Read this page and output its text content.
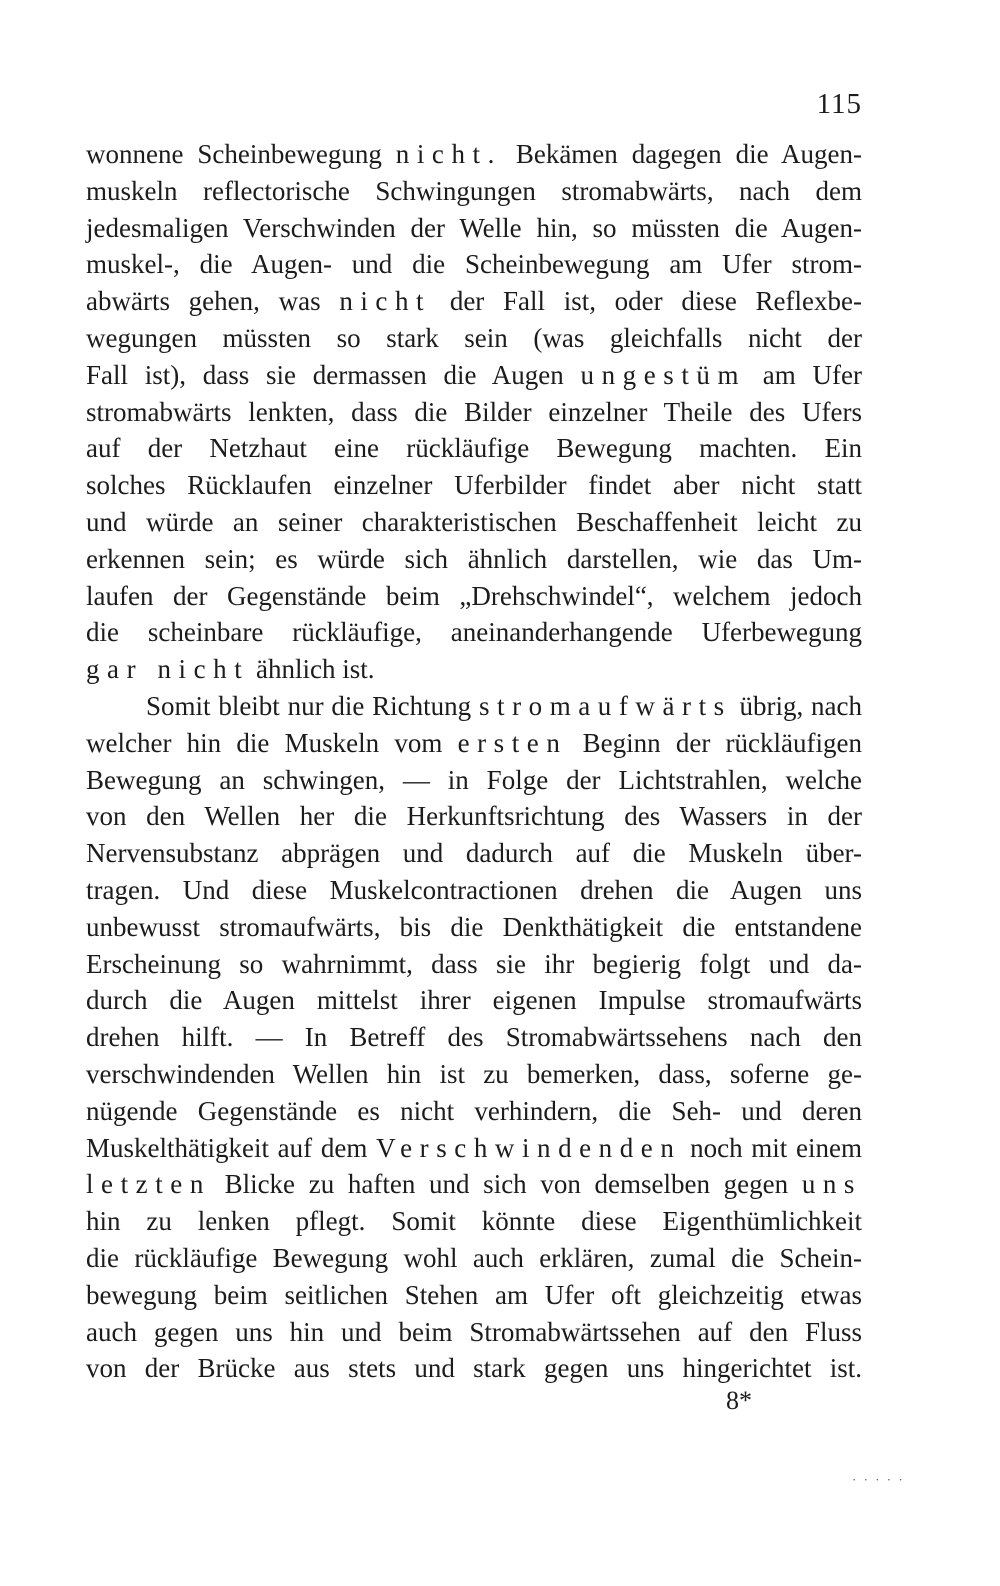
115
wonnene Scheinbewegung nicht. Bekämen dagegen die Augen-
muskeln reflectorische Schwingungen stromabwärts, nach dem
jedesmaligen Verschwinden der Welle hin, so müssten die Augen-
muskel-, die Augen- und die Scheinbewegung am Ufer strom-
abwärts gehen, was nicht der Fall ist, oder diese Reflexbe-
wegungen müssten so stark sein (was gleichfalls nicht der
Fall ist), dass sie dermassen die Augen ungestüm am Ufer
stromabwärts lenkten, dass die Bilder einzelner Theile des Ufers
auf der Netzhaut eine rückläufige Bewegung machten. Ein
solches Rücklaufen einzelner Uferbilder findet aber nicht statt
und würde an seiner charakteristischen Beschaffenheit leicht zu
erkennen sein; es würde sich ähnlich darstellen, wie das Um-
laufen der Gegenstände beim „Drehschwindel“, welchem jedoch
die scheinbare rückläufige, aneinanderhangende Uferbewegung
gar nicht ähnlich ist.
Somit bleibt nur die Richtung stromaufwärts übrig, nach
welcher hin die Muskeln vom ersten Beginn der rückläufigen
Bewegung an schwingen, — in Folge der Lichtstrahlen, welche
von den Wellen her die Herkunftsrichtung des Wassers in der
Nervensubstanz abprägen und dadurch auf die Muskeln über-
tragen. Und diese Muskelcontractionen drehen die Augen uns
unbewusst stromaufwärts, bis die Denkthätigkeit die entstandene
Erscheinung so wahrnimmt, dass sie ihr begierig folgt und da-
durch die Augen mittelst ihrer eigenen Impulse stromaufwärts
drehen hilft. — In Betreff des Stromabwärtssehens nach den
verschwindenden Wellen hin ist zu bemerken, dass, soferne ge-
nügende Gegenstände es nicht verhindern, die Seh- und deren
Muskelthätigkeit auf dem Verschwindenden noch mit einem
letzten Blicke zu haften und sich von demselben gegen uns
hin zu lenken pflegt. Somit könnte diese Eigenthümlichkeit
die rückläufige Bewegung wohl auch erklären, zumal die Schein-
bewegung beim seitlichen Stehen am Ufer oft gleichzeitig etwas
auch gegen uns hin und beim Stromabwärtssehen auf den Fluss
von der Brücke aus stets und stark gegen uns hingerichtet ist.
8*
· · · · ·
